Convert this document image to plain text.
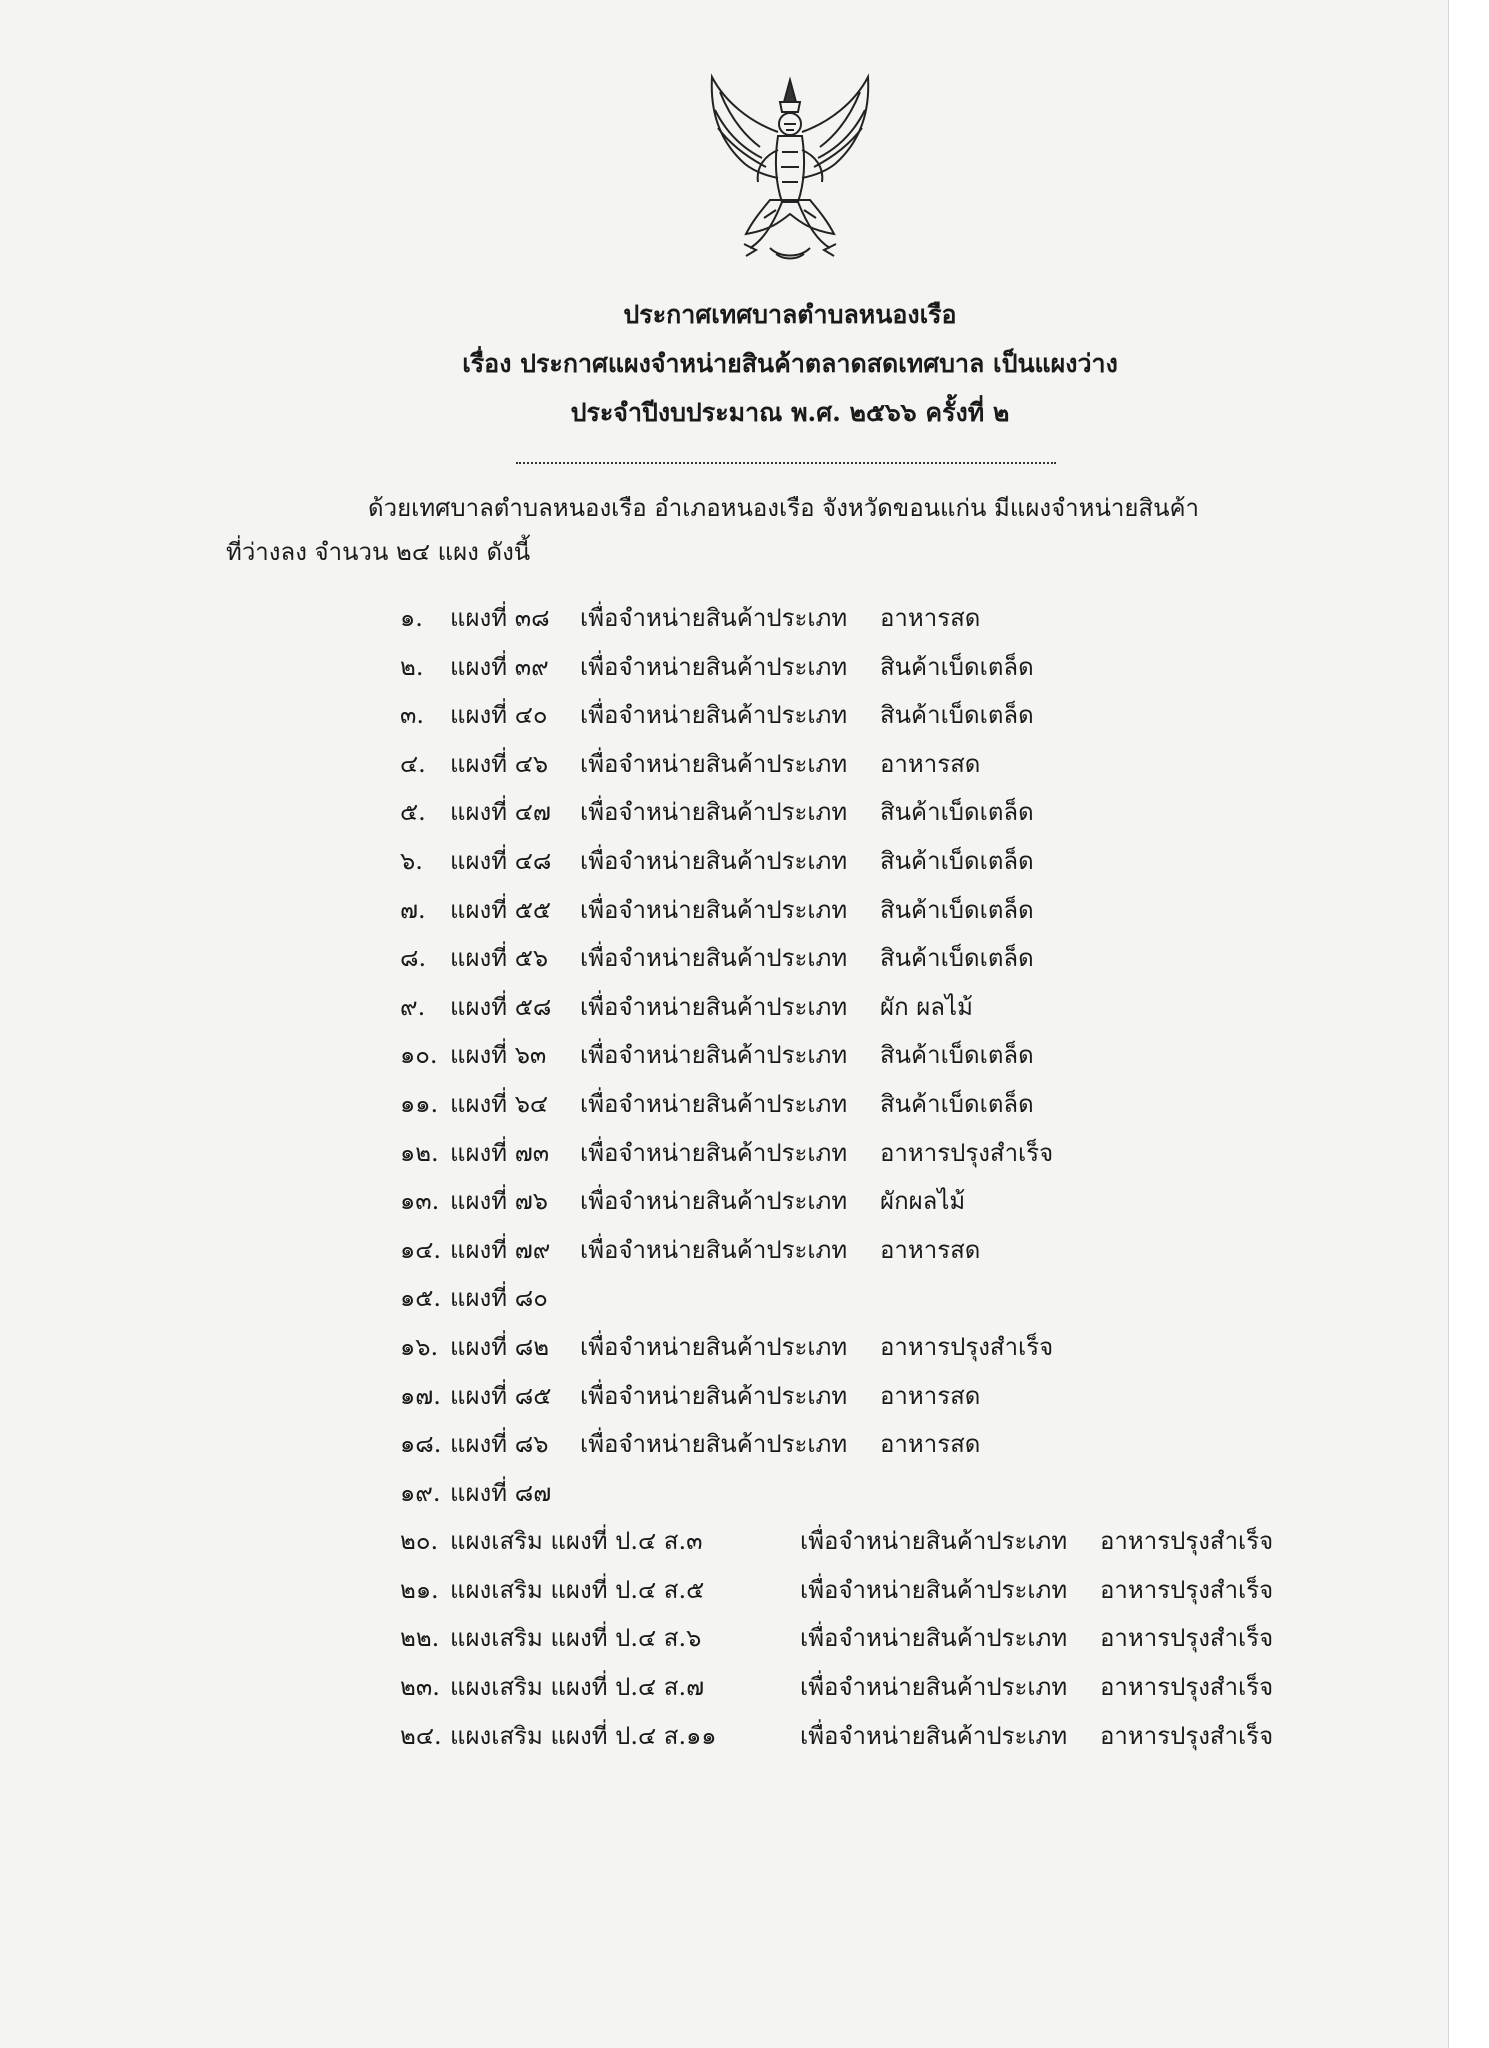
ประกาศเทศบาลตำบลหนองเรือ
เรื่อง ประกาศแผงจำหน่ายสินค้าตลาดสดเทศบาล เป็นแผงว่าง
ประจำปีงบประมาณ พ.ศ. ๒๕๖๖ ครั้งที่ ๒
ด้วยเทศบาลตำบลหนองเรือ อำเภอหนองเรือ จังหวัดขอนแก่น มีแผงจำหน่ายสินค้า
ที่ว่างลง จำนวน ๒๔ แผง ดังนี้
๑. แผงที่ ๓๘ เพื่อจำหน่ายสินค้าประเภท อาหารสด
๒. แผงที่ ๓๙ เพื่อจำหน่ายสินค้าประเภท สินค้าเบ็ดเตล็ด
๓. แผงที่ ๔๐ เพื่อจำหน่ายสินค้าประเภท สินค้าเบ็ดเตล็ด
๔. แผงที่ ๔๖ เพื่อจำหน่ายสินค้าประเภท อาหารสด
๕. แผงที่ ๔๗ เพื่อจำหน่ายสินค้าประเภท สินค้าเบ็ดเตล็ด
๖. แผงที่ ๔๘ เพื่อจำหน่ายสินค้าประเภท สินค้าเบ็ดเตล็ด
๗. แผงที่ ๕๕ เพื่อจำหน่ายสินค้าประเภท สินค้าเบ็ดเตล็ด
๘. แผงที่ ๕๖ เพื่อจำหน่ายสินค้าประเภท สินค้าเบ็ดเตล็ด
๙. แผงที่ ๕๘ เพื่อจำหน่ายสินค้าประเภท ผัก ผลไม้
๑๐. แผงที่ ๖๓ เพื่อจำหน่ายสินค้าประเภท สินค้าเบ็ดเตล็ด
๑๑. แผงที่ ๖๔ เพื่อจำหน่ายสินค้าประเภท สินค้าเบ็ดเตล็ด
๑๒. แผงที่ ๗๓ เพื่อจำหน่ายสินค้าประเภท อาหารปรุงสำเร็จ
๑๓. แผงที่ ๗๖ เพื่อจำหน่ายสินค้าประเภท ผักผลไม้
๑๔. แผงที่ ๗๙ เพื่อจำหน่ายสินค้าประเภท อาหารสด
๑๕. แผงที่ ๘๐
๑๖. แผงที่ ๘๒ เพื่อจำหน่ายสินค้าประเภท อาหารปรุงสำเร็จ
๑๗. แผงที่ ๘๕ เพื่อจำหน่ายสินค้าประเภท อาหารสด
๑๘. แผงที่ ๘๖ เพื่อจำหน่ายสินค้าประเภท อาหารสด
๑๙. แผงที่ ๘๗
๒๐. แผงเสริม แผงที่ ป.๔ ส.๓	เพื่อจำหน่ายสินค้าประเภท อาหารปรุงสำเร็จ
๒๑. แผงเสริม แผงที่ ป.๔ ส.๕	เพื่อจำหน่ายสินค้าประเภท อาหารปรุงสำเร็จ
๒๒. แผงเสริม แผงที่ ป.๔ ส.๖	เพื่อจำหน่ายสินค้าประเภท อาหารปรุงสำเร็จ
๒๓. แผงเสริม แผงที่ ป.๔ ส.๗	เพื่อจำหน่ายสินค้าประเภท อาหารปรุงสำเร็จ
๒๔. แผงเสริม แผงที่ ป.๔ ส.๑๑	เพื่อจำหน่ายสินค้าประเภท อาหารปรุงสำเร็จ
